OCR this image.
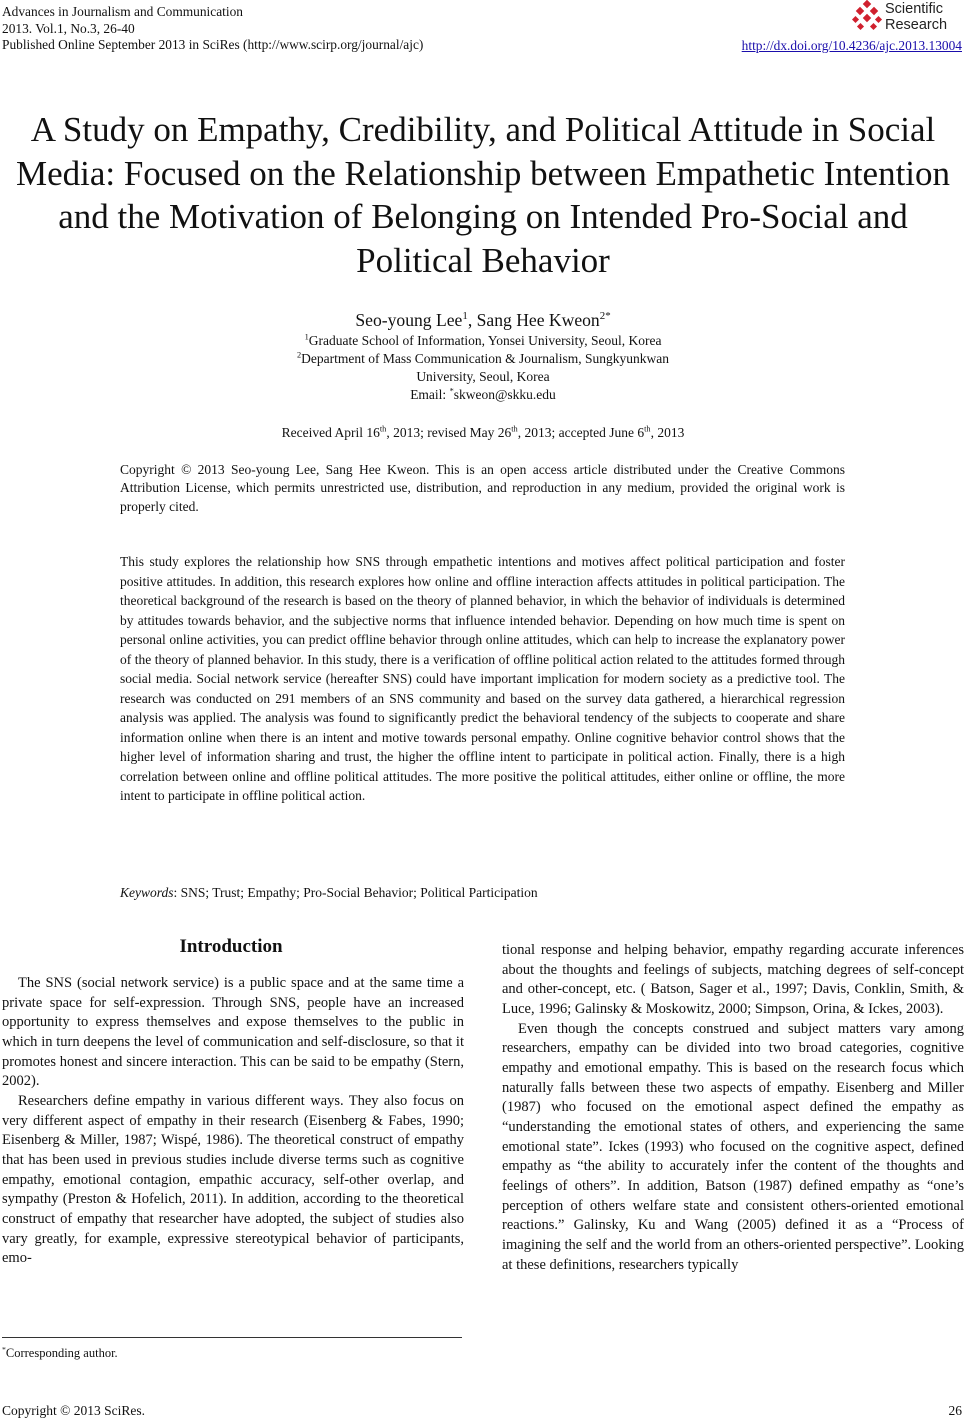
Advances in Journalism and Communication
2013. Vol.1, No.3, 26-40
Published Online September 2013 in SciRes (http://www.scirp.org/journal/ajc)
Scientific
Research
http://dx.doi.org/10.4236/ajc.2013.13004
A Study on Empathy, Credibility, and Political Attitude in Social Media: Focused on the Relationship between Empathetic Intention and the Motivation of Belonging on Intended Pro-Social and Political Behavior
Seo-young Lee$^1$, Sang Hee Kweon$^{2*}$
$^1$Graduate School of Information, Yonsei University, Seoul, Korea
$^2$Department of Mass Communication & Journalism, Sungkyunkwan
University, Seoul, Korea
Email: *skweon@skku.edu
Received April 16th, 2013; revised May 26th, 2013; accepted June 6th, 2013
Copyright © 2013 Seo-young Lee, Sang Hee Kweon. This is an open access article distributed under the Creative Commons Attribution License, which permits unrestricted use, distribution, and reproduction in any medium, provided the original work is properly cited.
This study explores the relationship how SNS through empathetic intentions and motives affect political participation and foster positive attitudes. In addition, this research explores how online and offline interaction affects attitudes in political participation. The theoretical background of the research is based on the theory of planned behavior, in which the behavior of individuals is determined by attitudes towards behavior, and the subjective norms that influence intended behavior. Depending on how much time is spent on personal online activities, you can predict offline behavior through online attitudes, which can help to increase the explanatory power of the theory of planned behavior. In this study, there is a verification of offline political action related to the attitudes formed through social media. Social network service (hereafter SNS) could have important implication for modern society as a predictive tool. The research was conducted on 291 members of an SNS community and based on the survey data gathered, a hierarchical regression analysis was applied. The analysis was found to significantly predict the behavioral tendency of the subjects to cooperate and share information online when there is an intent and motive towards personal empathy. Online cognitive behavior control shows that the higher level of information sharing and trust, the higher the offline intent to participate in political action. Finally, there is a high correlation between online and offline political attitudes. The more positive the political attitudes, either online or offline, the more intent to participate in offline political action.
Keywords: SNS; Trust; Empathy; Pro-Social Behavior; Political Participation
Introduction

The SNS (social network service) is a public space and at the same time a private space for self-expression. Through SNS, people have an increased opportunity to express themselves and expose themselves to the public in which in turn deepens the level of communication and self-disclosure, so that it promotes honest and sincere interaction. This can be said to be empathy (Stern, 2002).

Researchers define empathy in various different ways. They also focus on very different aspect of empathy in their research (Eisenberg & Fabes, 1990; Eisenberg & Miller, 1987; Wispé, 1986). The theoretical construct of empathy that has been used in previous studies include diverse terms such as cognitive empathy, emotional contagion, empathic accuracy, self-other overlap, and sympathy (Preston & Hofelich, 2011). In addition, according to the theoretical construct of empathy that researcher have adopted, the subject of studies also vary greatly, for example, expressive stereotypical behavior of participants, emo-

tional response and helping behavior, empathy regarding accurate inferences about the thoughts and feelings of subjects, matching degrees of self-concept and other-concept, etc. ( Batson, Sager et al., 1997; Davis, Conklin, Smith, & Luce, 1996; Galinsky & Moskowitz, 2000; Simpson, Orina, & Ickes, 2003).

Even though the concepts construed and subject matters vary among researchers, empathy can be divided into two broad categories, cognitive empathy and emotional empathy. This is based on the research focus which naturally falls between these two aspects of empathy. Eisenberg and Miller (1987) who focused on the emotional aspect defined the empathy as “understanding the emotional states of others, and experiencing the same emotional state”. Ickes (1993) who focused on the cognitive aspect, defined empathy as “the ability to accurately infer the content of the thoughts and feelings of others”. In addition, Batson (1987) defined empathy as “one’s perception of others welfare state and consistent others-oriented emotional reactions.” Galinsky, Ku and Wang (2005) defined it as a “Process of imagining the self and the world from an others-oriented perspective”. Looking at these definitions, researchers typically

*Corresponding author.
Copyright © 2013 SciRes.	26
